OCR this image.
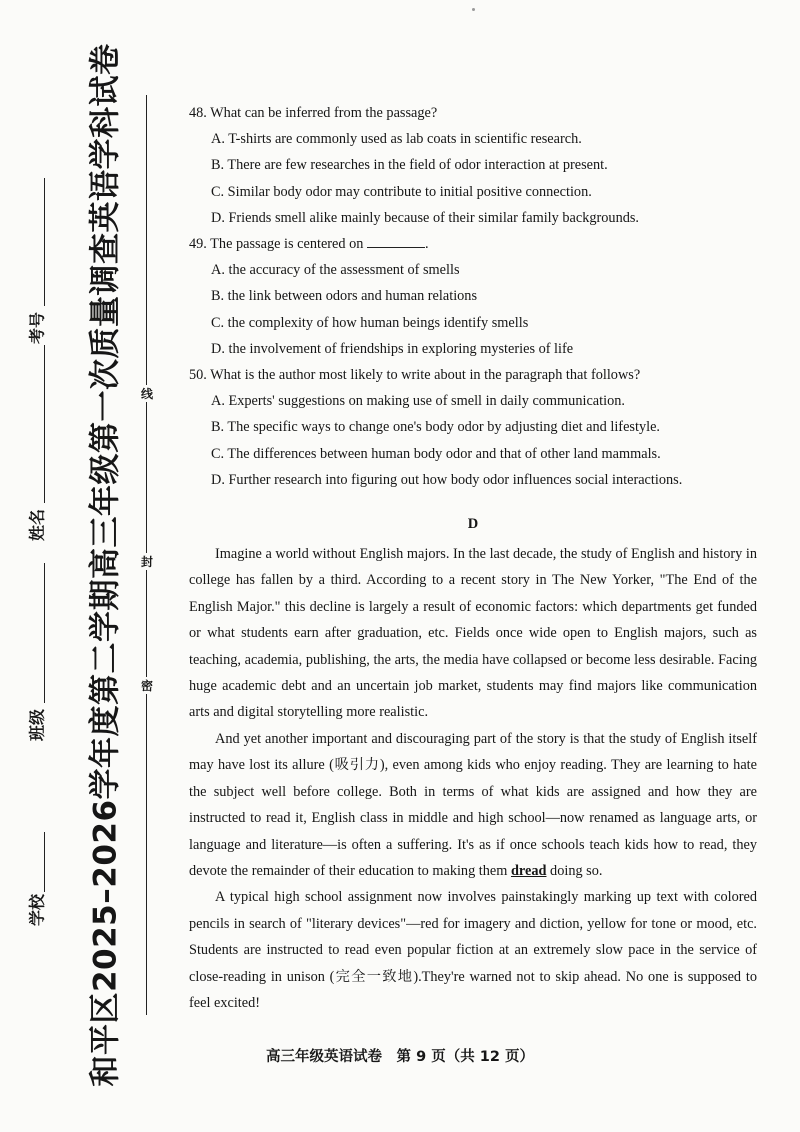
线
封
密
和平区2025–2026学年度第二学期高三年级第一次质量调查英语学科试卷
学校
班级
姓名
考号

48. What can be inferred from the passage?

A. T-shirts are commonly used as lab coats in scientific research.

B. There are few researches in the field of odor interaction at present.

C. Similar body odor may contribute to initial positive connection.

D. Friends smell alike mainly because of their similar family backgrounds.

49. The passage is centered on	.

A. the accuracy of the assessment of smells

B. the link between odors and human relations

C. the complexity of how human beings identify smells

D. the involvement of friendships in exploring mysteries of life

50. What is the author most likely to write about in the paragraph that follows?

A. Experts' suggestions on making use of smell in daily communication.

B. The specific ways to change one's body odor by adjusting diet and lifestyle.

C. The differences between human body odor and that of other land mammals.

D. Further research into figuring out how body odor influences social interactions.

D

Imagine a world without English majors. In the last decade, the study of English and history in college has fallen by a third. According to a recent story in The New Yorker, "The End of the English Major." this decline is largely a result of economic factors: which departments get funded or what students earn after graduation, etc. Fields once wide open to English majors, such as teaching, academia, publishing, the arts, the media have collapsed or become less desirable. Facing huge academic debt and an uncertain job market, students may find majors like communication arts and digital storytelling more realistic.

And yet another important and discouraging part of the story is that the study of English itself may have lost its allure (吸引力), even among kids who enjoy reading. They are learning to hate the subject well before college. Both in terms of what kids are assigned and how they are instructed to read it, English class in middle and high school—now renamed as language arts, or language and literature—is often a suffering. It's as if once schools teach kids how to read, they devote the remainder of their education to making them dread doing so.

A typical high school assignment now involves painstakingly marking up text with colored pencils in search of "literary devices"—red for imagery and diction, yellow for tone or mood, etc. Students are instructed to read even popular fiction at an extremely slow pace in the service of close-reading in unison (完全一致地).They're warned not to skip ahead. No one is supposed to feel excited!

高三年级英语试卷　第 9 页（共 12 页）
